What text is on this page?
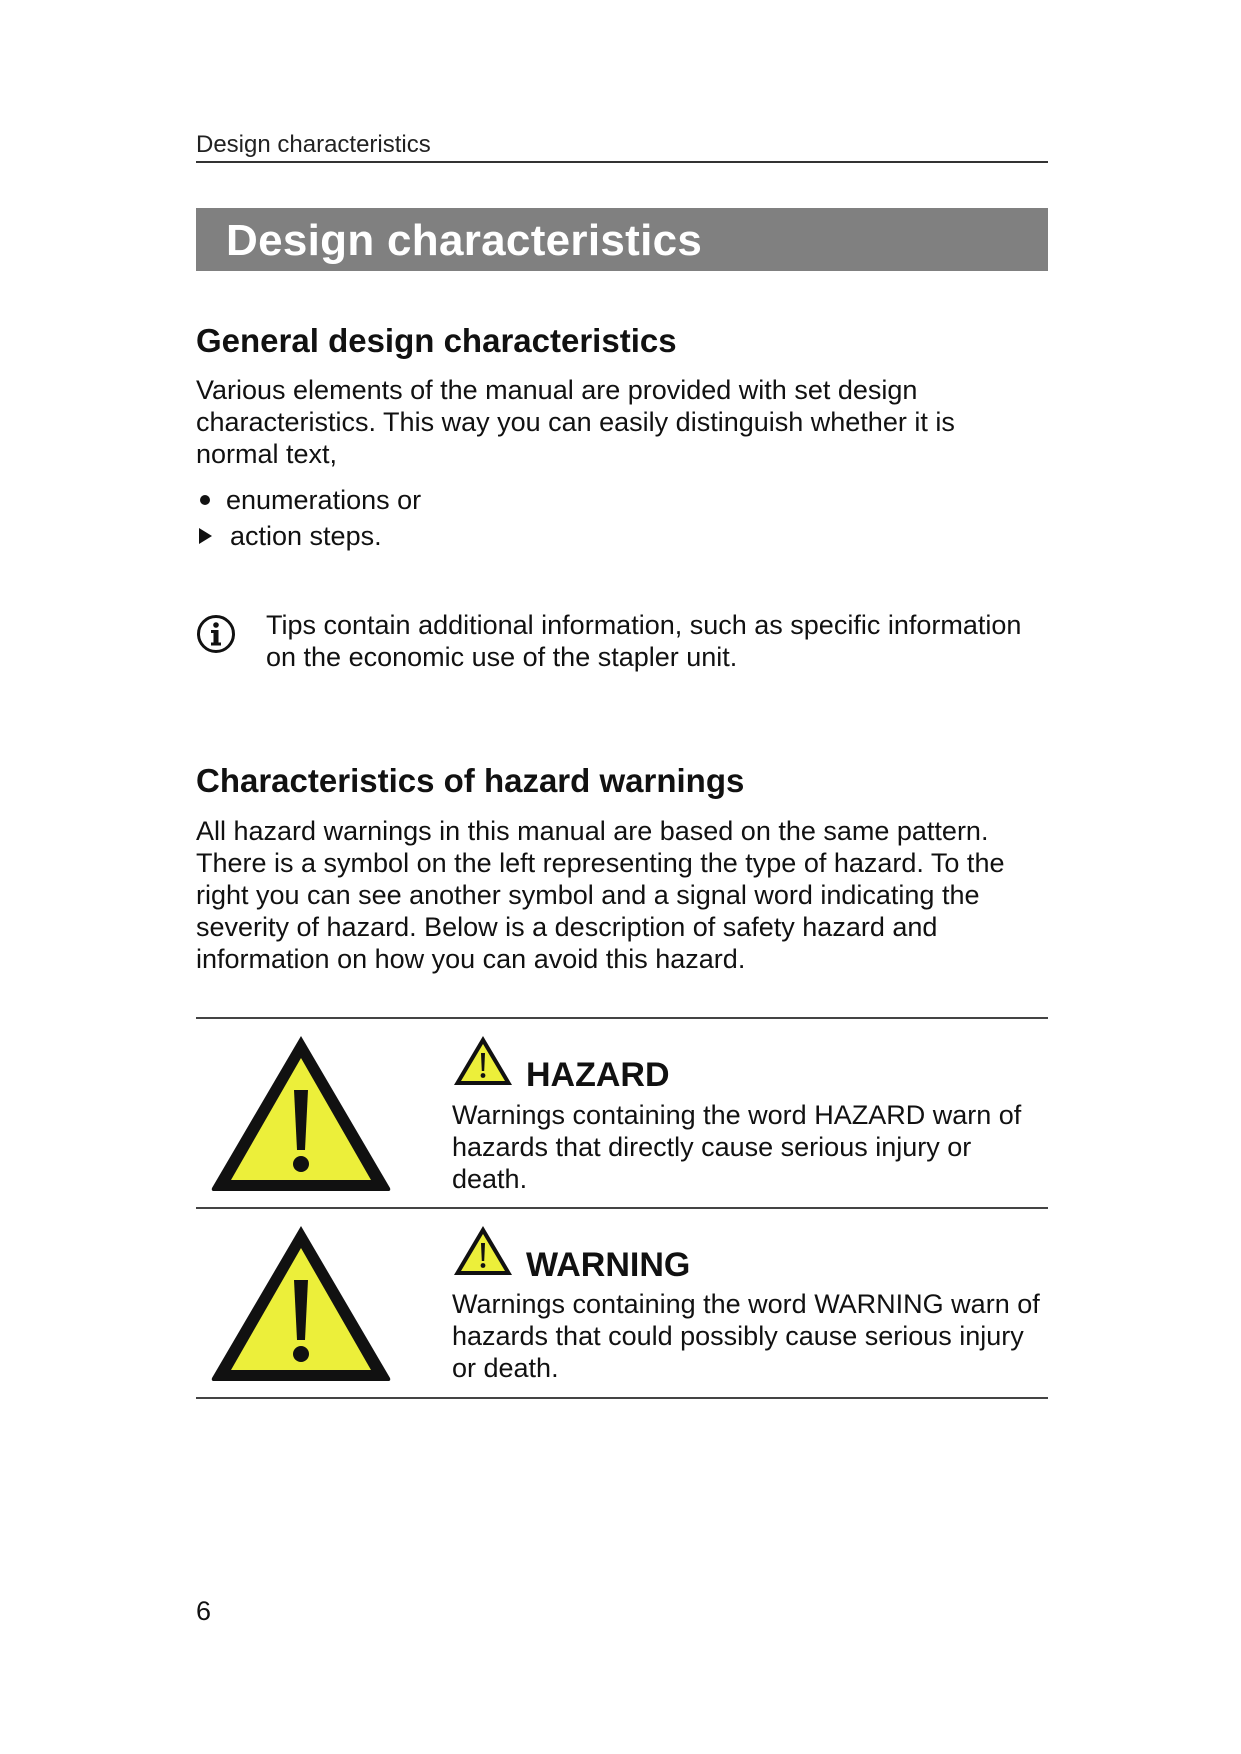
Design characteristics
Design characteristics
General design characteristics

Various elements of the manual are provided with set design characteristics. This way you can easily distinguish whether it is normal text,

enumerations or
action steps.

Tips contain additional information, such as specific information on the economic use of the stapler unit.

Characteristics of hazard warnings

All hazard warnings in this manual are based on the same pattern. There is a symbol on the left representing the type of hazard. To the right you can see another symbol and a signal word indicating the severity of hazard. Below is a description of safety hazard and information on how you can avoid this hazard.

HAZARD

Warnings containing the word HAZARD warn of hazards that directly cause serious injury or death.

WARNING

Warnings containing the word WARNING warn of hazards that could possibly cause serious injury or death.

6
